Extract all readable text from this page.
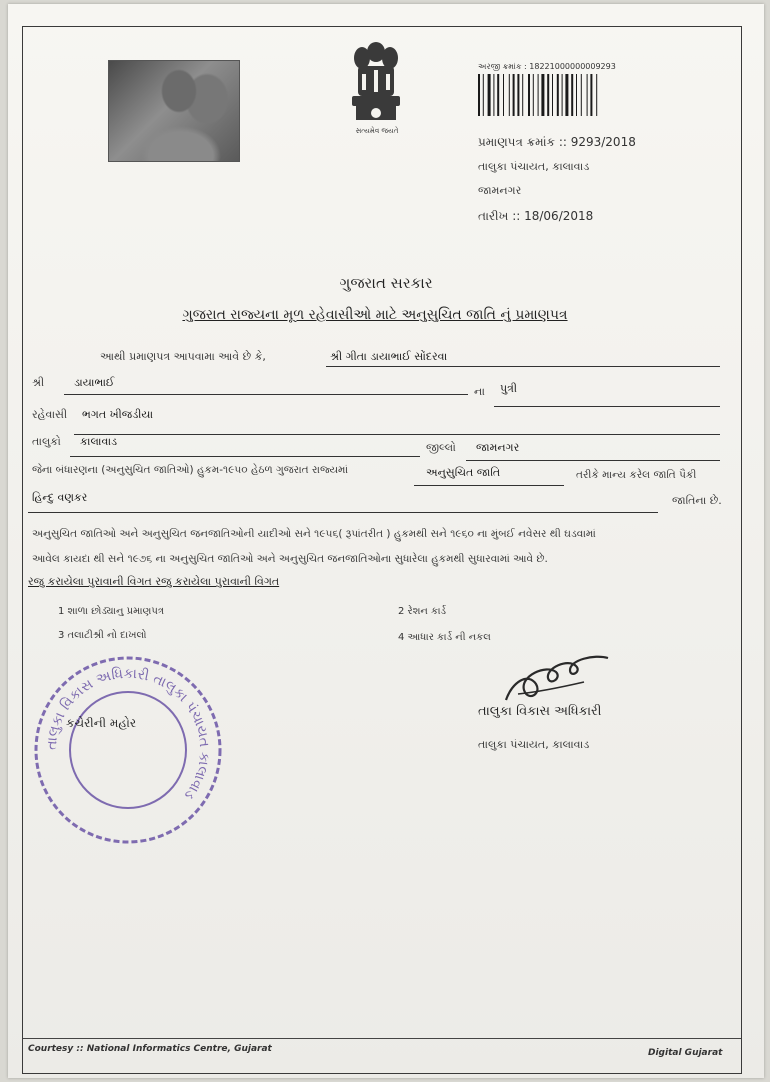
સત્યમેવ જયતે
અરજી ક્રમાંક : 18221000000009293
પ્રમાણપત્ર ક્રમાંક :: 9293/2018
તાલુકા પંચાયત, કાલાવાડ
જામનગર
તારીખ :: 18/06/2018
ગુજરાત સરકાર
ગુજરાત રાજ્યના મૂળ રહેવાસીઓ માટે અનુસુચિત જાતિ નું પ્રમાણપત્ર
આથી પ્રમાણપત્ર આપવામા આવે છે કે,	શ્રી ગીતા ડાયાભાઈ સોંદરવા
શ્રી	ડાયાભાઈ
ના પુત્રી
રહેવાસી ભગત ખીજડીયા
તાલુકો કાલાવાડ	જીલ્લો જામનગર
જેના બંધારણના (અનુસુચિત જાતિઓ) હુકમ-૧૯૫૦ હેઠળ ગુજરાત રાજ્યમાં	અનુસુચિત જાતિ	તરીકે માન્ય કરેલ જાતિ પૈકી
હિન્દુ વણકર	જાતિના છે.
અનુસુચિત જાતિઓ અને અનુસુચિત જનજાતિઓની યાદીઓ સને ૧૯૫૬( રૂપાંતરીત ) હુકમથી સને ૧૯૬૦ ના મુંબઈ નવેસર થી ઘડવામાં
આવેલ કાયદા થી સને ૧૯૭૬ ના અનુસુચિત જાતિઓ અને અનુસુચિત જનજાતિઓના સુધારેલા હુકમથી સુધારવામાં આવે છે.
રજુ કરાયેલા પુરાવાની વિગત રજુ કરાયેલા પુરાવાની વિગત
1 શાળા છોડ્યાનુ પ્રમાણપત્ર	2 રેશન કાર્ડ
3 તલાટીશ્રી નો દાખલો	4 આધાર કાર્ડ ની નકલ
તાલુકા વિકાસ અધિકારી તાલુકા પંચાયત કાલાવાડ
કચેરીની મહોર
તાલુકા વિકાસ અધિકારી
તાલુકા પંચાયત, કાલાવાડ
Courtesy :: National Informatics Centre, Gujarat	Digital Gujarat
